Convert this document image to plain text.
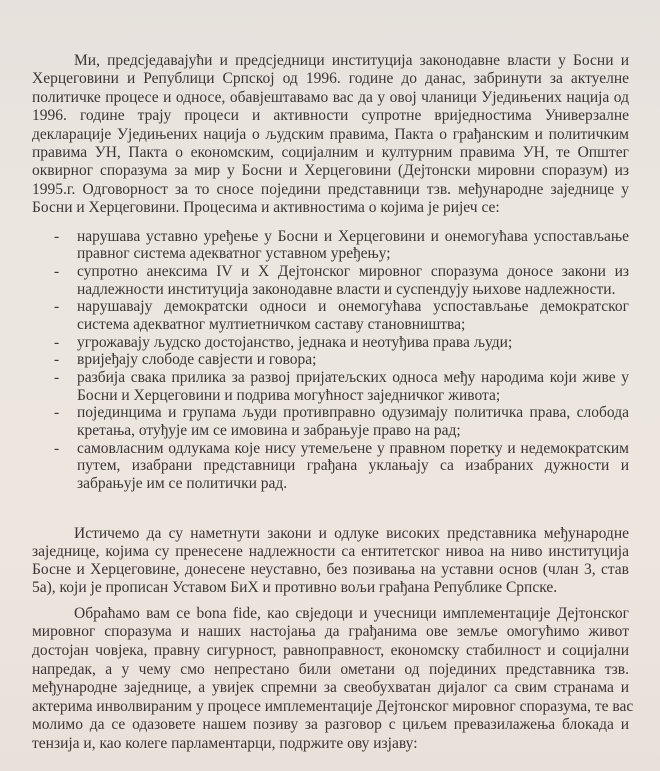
Ми, предсједавајући и предсједници институција законодавне власти у Босни и
Херцеговини и Републици Српској од 1996. године до данас, забринути за актуелне
политичке процесе и односе, обавјештавамо вас да у овој чланици Уједињених нација од
1996. године трају процеси и активности супротне вриједностима Универзалне
декларације Уједињених нација о људским правима, Пакта о грађанским и политичким
правима УН, Пакта о економским, социјалним и културним правима УН, те Општег
оквирног споразума за мир у Босни и Херцеговини (Дејтонски мировни споразум) из
1995.г. Одговорност за то сносе поједини представници тзв. међународне заједнице у
Босни и Херцеговини. Процесима и активностима о којима је ријеч се:
- нарушава уставно уређење у Босни и Херцеговини и онемогућава успостављање
правног система адекватног уставном уређењу;
- супротно анексима IV и X Дејтонског мировног споразума доносе закони из
надлежности институција законодавне власти и суспендују њихове надлежности.
- нарушавају демократски односи и онемогућава успостављање демократског
система адекватног мултиетничком саставу становништва;
- угрожавају људско достојанство, једнака и неотуђива права људи;
- вријеђају слободе савјести и говора;
- разбија свака прилика за развој пријатељских односа међу народима који живе у
Босни и Херцеговини и подрива могућност заједничког живота;
- појединцима и групама људи противправно одузимају политичка права, слобода
кретања, отуђује им се имовина и забрањује право на рад;
- самовласним одлукама које нису утемељене у правном поретку и недемократским
путем, изабрани представници грађана уклањају са изабраних дужности и
забрањује им се политички рад.
Истичемо да су наметнути закони и одлуке високих представника међународне
заједнице, којима су пренесене надлежности са ентитетског нивоа на ниво институција
Босне и Херцеговине, донесене неуставно, без позивања на уставни основ (члан 3, став
5а), који је прописан Уставом БиХ и противно вољи грађана Републике Српске.
Обраћамо вам се bona fide, као свједоци и учесници имплементације Дејтонског
мировног споразума и наших настојања да грађанима ове земље омогућимо живот
достојан човјека, правну сигурност, равноправност, економску стабилност и социјални
напредак, а у чему смо непрестано били ометани од појединих представника тзв.
међународне заједнице, а увијек спремни за свеобухватан дијалог са свим странама и
актерима инволвираним у процесе имплементације Дејтонског мировног споразума, те вас
молимо да се одазовете нашем позиву за разговор с циљем превазилажења блокада и
тензија и, као колеге парламентарци, подржите ову изјаву:
